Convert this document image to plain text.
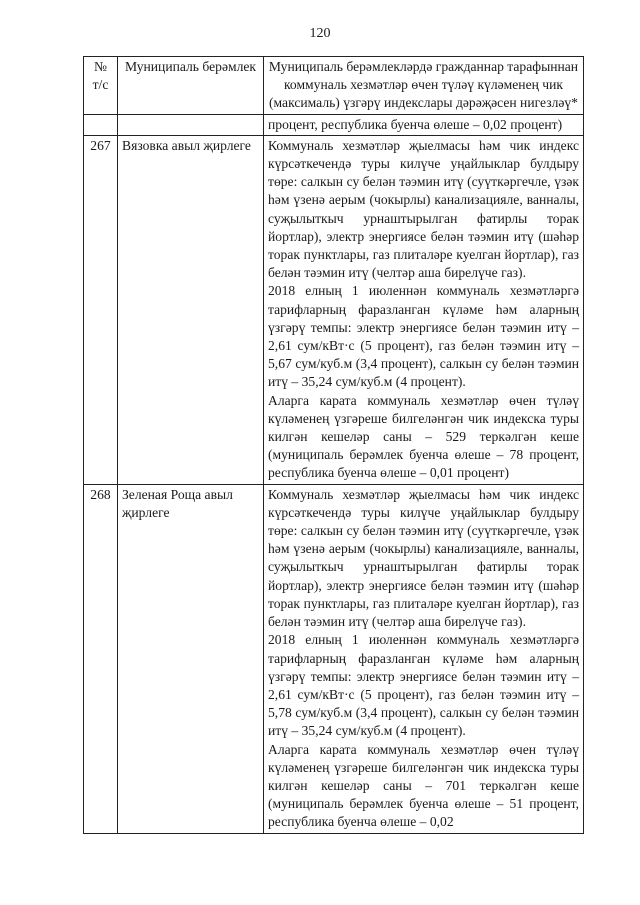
120
№ т/с	Муниципаль берәмлек	Муниципаль берәмлекләрдә гражданнар тарафыннан коммуналь хезмәтләр өчен түләү күләменең чик (максималь) үзгәрү индекслары дәрәҗәсен нигезләү*
		процент, республика буенча өлеше – 0,02 процент)
267	Вязовка авыл җирлеге	Коммуналь хезмәтләр җыелмасы һәм чик индекс күрсәткечендә туры килүче уңайлыклар булдыру төре: салкын су белән тәэмин итү (суүткәргечле, үзәк һәм үзенә аерым (чокырлы) канализацияле, ванналы, суҗылыткыч урнаштырылган фатирлы торак йортлар), электр энергиясе белән тәэмин итү (шәһәр торак пунктлары, газ плиталәре куелган йортлар), газ белән тәэмин итү (челтәр аша бирелүче газ).
2018 елның 1 июленнән коммуналь хезмәтләргә тарифларның фаразланган күләме һәм аларның үзгәрү темпы: электр энергиясе белән тәэмин итү – 2,61 сум/кВт·с (5 процент), газ белән тәэмин итү – 5,67 сум/куб.м (3,4 процент), салкын су белән тәэмин итү – 35,24 сум/куб.м (4 процент).
Аларга карата коммуналь хезмәтләр өчен түләү күләменең үзгәреше билгеләнгән чик индекска туры килгән кешеләр саны – 529 теркәлгән кеше (муниципаль берәмлек буенча өлеше – 78 процент, республика буенча өлеше – 0,01 процент)

268	Зеленая Роща авыл җирлеге	Коммуналь хезмәтләр җыелмасы һәм чик индекс күрсәткечендә туры килүче уңайлыклар булдыру төре: салкын су белән тәэмин итү (суүткәргечле, үзәк һәм үзенә аерым (чокырлы) канализацияле, ванналы, суҗылыткыч урнаштырылган фатирлы торак йортлар), электр энергиясе белән тәэмин итү (шәһәр торак пунктлары, газ плиталәре куелган йортлар), газ белән тәэмин итү (челтәр аша бирелүче газ).
2018 елның 1 июленнән коммуналь хезмәтләргә тарифларның фаразланган күләме һәм аларның үзгәрү темпы: электр энергиясе белән тәэмин итү – 2,61 сум/кВт·с (5 процент), газ белән тәэмин итү – 5,78 сум/куб.м (3,4 процент), салкын су белән тәэмин итү – 35,24 сум/куб.м (4 процент).
Аларга карата коммуналь хезмәтләр өчен түләү күләменең үзгәреше билгеләнгән чик индекска туры килгән кешеләр саны – 701 теркәлгән кеше (муниципаль берәмлек буенча өлеше – 51 процент, республика буенча өлеше – 0,02
